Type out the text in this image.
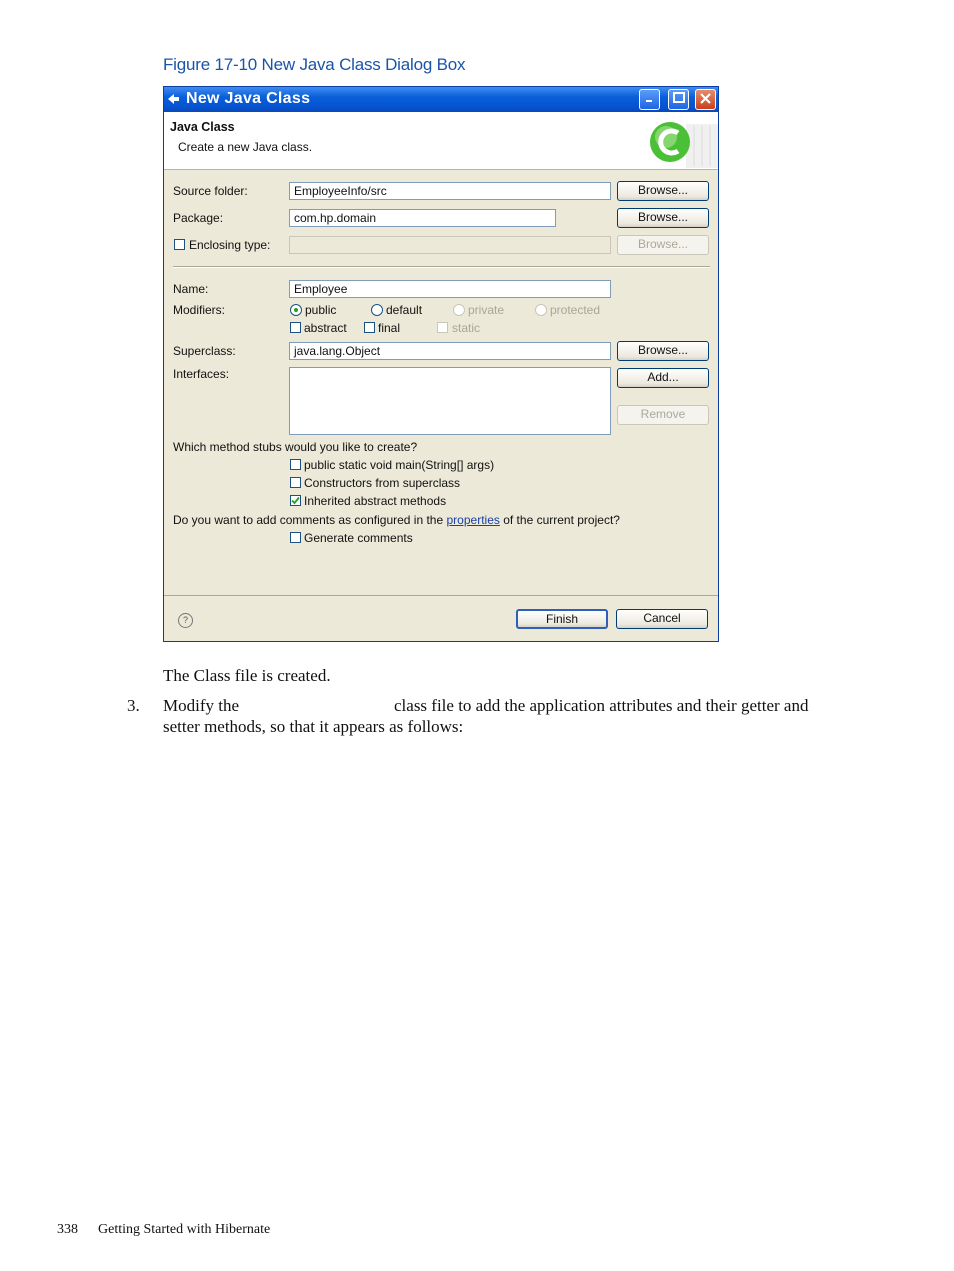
Figure 17-10 New Java Class Dialog Box
New Java Class
Java Class
Create a new Java class.
Source folder:	EmployeeInfo/src	Browse...
Package:	com.hp.domain	Browse...
Enclosing type:	Browse...
Name:	Employee
Modifiers:	public	default	private	protected
abstract	final	static
Superclass:	java.lang.Object	Browse...
Interfaces:	Add...
Remove
Which method stubs would you like to create?
public static void main(String[] args)
Constructors from superclass
Inherited abstract methods
Do you want to add comments as configured in the properties of the current project?
Generate comments
?	Finish	Cancel
The Class file is created.
3. Modify the	class file to add the application attributes and their getter and
setter methods, so that it appears as follows:
338 Getting Started with Hibernate
